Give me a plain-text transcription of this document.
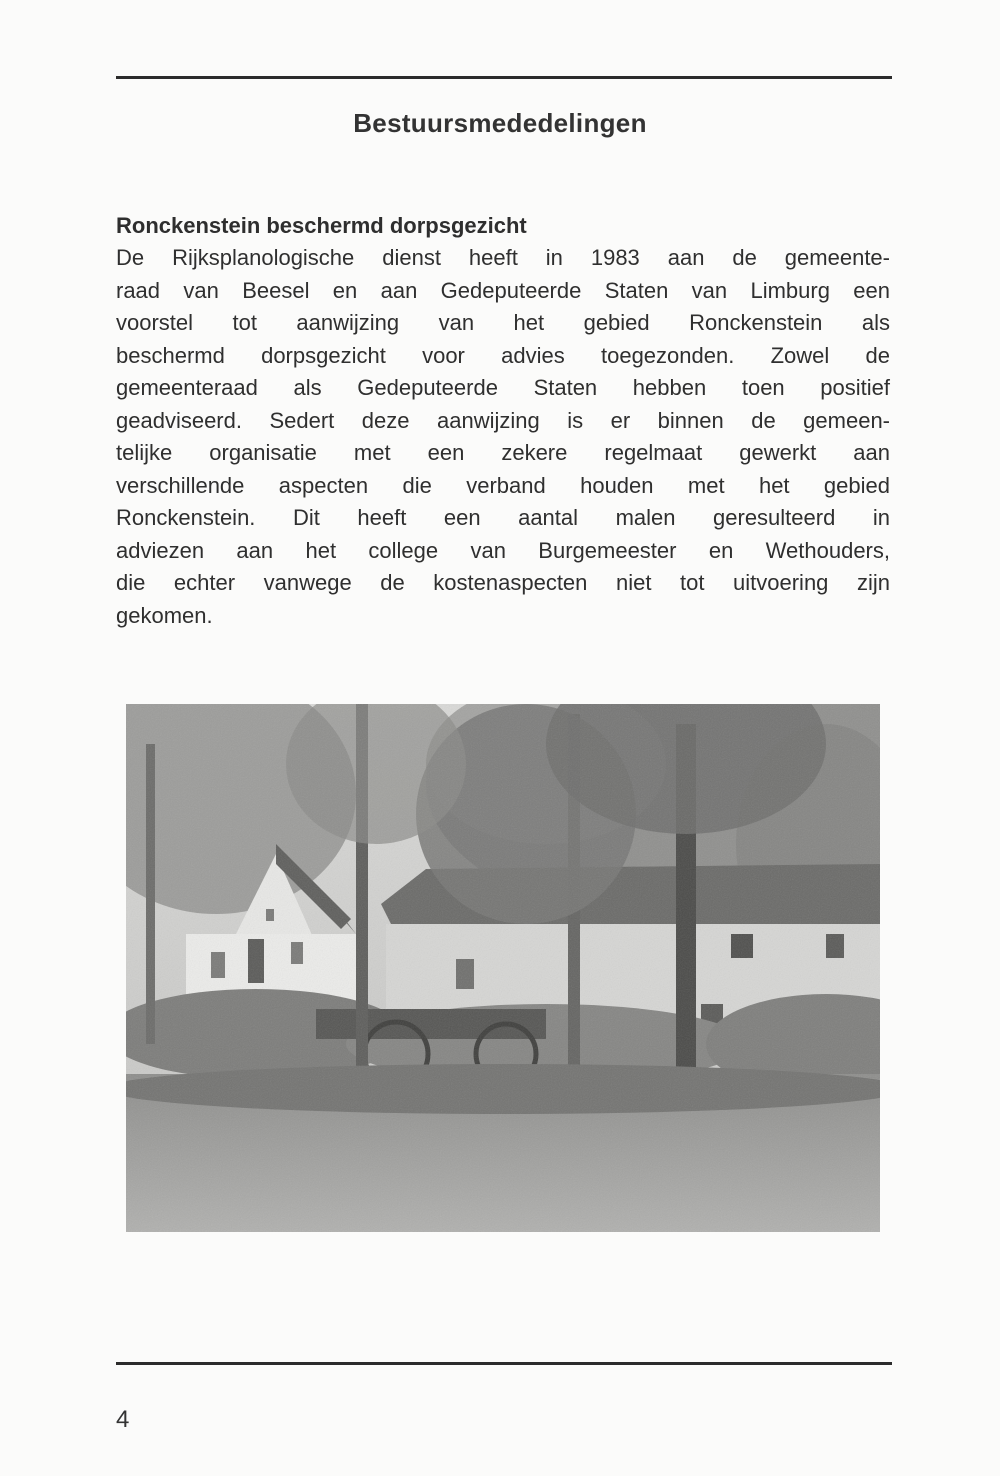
Bestuursmededelingen
Ronckenstein beschermd dorpsgezicht

De Rijksplanologische dienst heeft in 1983 aan de gemeente-
raad van Beesel en aan Gedeputeerde Staten van Limburg een
voorstel tot aanwijzing van het gebied Ronckenstein als
beschermd dorpsgezicht voor advies toegezonden. Zowel de
gemeenteraad als Gedeputeerde Staten hebben toen positief
geadviseerd. Sedert deze aanwijzing is er binnen de gemeen-
telijke organisatie met een zekere regelmaat gewerkt aan
verschillende aspecten die verband houden met het gebied
Ronckenstein. Dit heeft een aantal malen geresulteerd in
adviezen aan het college van Burgemeester en Wethouders,
die echter vanwege de kostenaspecten niet tot uitvoering zijn
gekomen.

4
